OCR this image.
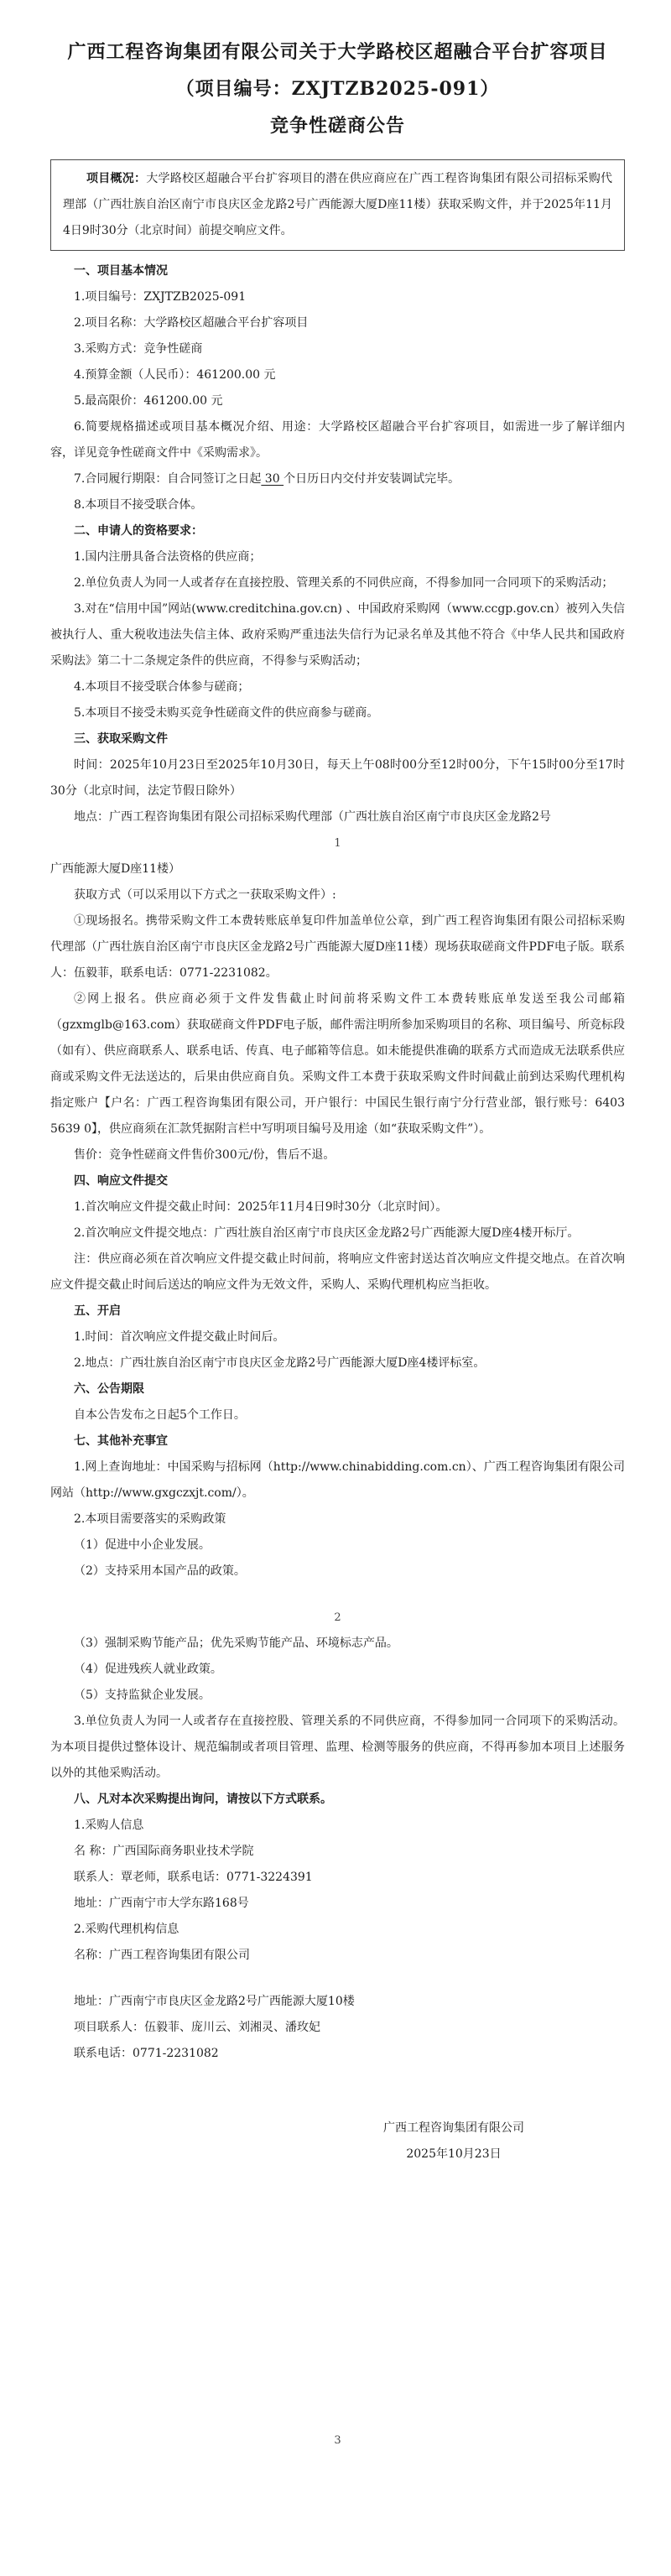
广西工程咨询集团有限公司关于大学路校区超融合平台扩容项目
（项目编号：ZXJTZB2025-091）
竞争性磋商公告

项目概况：大学路校区超融合平台扩容项目的潜在供应商应在广西工程咨询集团有限公司招标采购代理部（广西壮族自治区南宁市良庆区金龙路2号广西能源大厦D座11楼）获取采购文件，并于2025年11月4日9时30分（北京时间）前提交响应文件。

一、项目基本情况
1.项目编号：ZXJTZB2025-091
2.项目名称：大学路校区超融合平台扩容项目
3.采购方式：竞争性磋商
4.预算金额（人民币）：461200.00 元
5.最高限价：461200.00 元
6.简要规格描述或项目基本概况介绍、用途：大学路校区超融合平台扩容项目，如需进一步了解详细内容，详见竞争性磋商文件中《采购需求》。
7.合同履行期限：自合同签订之日起 30 个日历日内交付并安装调试完毕。
8.本项目不接受联合体。
二、申请人的资格要求：
1.国内注册具备合法资格的供应商；
2.单位负责人为同一人或者存在直接控股、管理关系的不同供应商，不得参加同一合同项下的采购活动；
3.对在“信用中国”网站(www.creditchina.gov.cn) 、中国政府采购网（www.ccgp.gov.cn）被列入失信被执行人、重大税收违法失信主体、政府采购严重违法失信行为记录名单及其他不符合《中华人民共和国政府采购法》第二十二条规定条件的供应商，不得参与采购活动；
4.本项目不接受联合体参与磋商；
5.本项目不接受未购买竞争性磋商文件的供应商参与磋商。
三、获取采购文件
时间：2025年10月23日至2025年10月30日，每天上午08时00分至12时00分，下午15时00分至17时30分（北京时间，法定节假日除外）
地点：广西工程咨询集团有限公司招标采购代理部（广西壮族自治区南宁市良庆区金龙路2号
1
广西能源大厦D座11楼）
获取方式（可以采用以下方式之一获取采购文件）:
①现场报名。携带采购文件工本费转账底单复印件加盖单位公章，到广西工程咨询集团有限公司招标采购代理部（广西壮族自治区南宁市良庆区金龙路2号广西能源大厦D座11楼）现场获取磋商文件PDF电子版。联系人：伍毅菲，联系电话：0771-2231082。
②网上报名。供应商必须于文件发售截止时间前将采购文件工本费转账底单发送至我公司邮箱（gzxmglb@163.com）获取磋商文件PDF电子版，邮件需注明所参加采购项目的名称、项目编号、所竞标段（如有）、供应商联系人、联系电话、传真、电子邮箱等信息。如未能提供准确的联系方式而造成无法联系供应商或采购文件无法送达的，后果由供应商自负。采购文件工本费于获取采购文件时间截止前到达采购代理机构指定账户【户名：广西工程咨询集团有限公司，开户银行：中国民生银行南宁分行营业部，银行账号：6403 5639 0】，供应商须在汇款凭据附言栏中写明项目编号及用途（如“获取采购文件”）。
售价：竞争性磋商文件售价300元/份，售后不退。
四、响应文件提交
1.首次响应文件提交截止时间：2025年11月4日9时30分（北京时间）。
2.首次响应文件提交地点：广西壮族自治区南宁市良庆区金龙路2号广西能源大厦D座4楼开标厅。
注：供应商必须在首次响应文件提交截止时间前，将响应文件密封送达首次响应文件提交地点。在首次响应文件提交截止时间后送达的响应文件为无效文件，采购人、采购代理机构应当拒收。
五、开启
1.时间：首次响应文件提交截止时间后。
2.地点：广西壮族自治区南宁市良庆区金龙路2号广西能源大厦D座4楼评标室。
六、公告期限
自本公告发布之日起5个工作日。
七、其他补充事宜
1.网上查询地址：中国采购与招标网（http://www.chinabidding.com.cn）、广西工程咨询集团有限公司网站（http://www.gxgczxjt.com/）。
2.本项目需要落实的采购政策
（1）促进中小企业发展。
（2）支持采用本国产品的政策。
2
（3）强制采购节能产品；优先采购节能产品、环境标志产品。
（4）促进残疾人就业政策。
（5）支持监狱企业发展。
3.单位负责人为同一人或者存在直接控股、管理关系的不同供应商，不得参加同一合同项下的采购活动。为本项目提供过整体设计、规范编制或者项目管理、监理、检测等服务的供应商，不得再参加本项目上述服务以外的其他采购活动。
八、凡对本次采购提出询问，请按以下方式联系。
1.采购人信息
名 称：广西国际商务职业技术学院
联系人：覃老师，联系电话：0771-3224391
地址：广西南宁市大学东路168号
2.采购代理机构信息
名称：广西工程咨询集团有限公司
地址：广西南宁市良庆区金龙路2号广西能源大厦10楼
项目联系人：伍毅菲、庞川云、刘湘灵、潘玫妃
联系电话：0771-2231082
广西工程咨询集团有限公司
2025年10月23日
3
